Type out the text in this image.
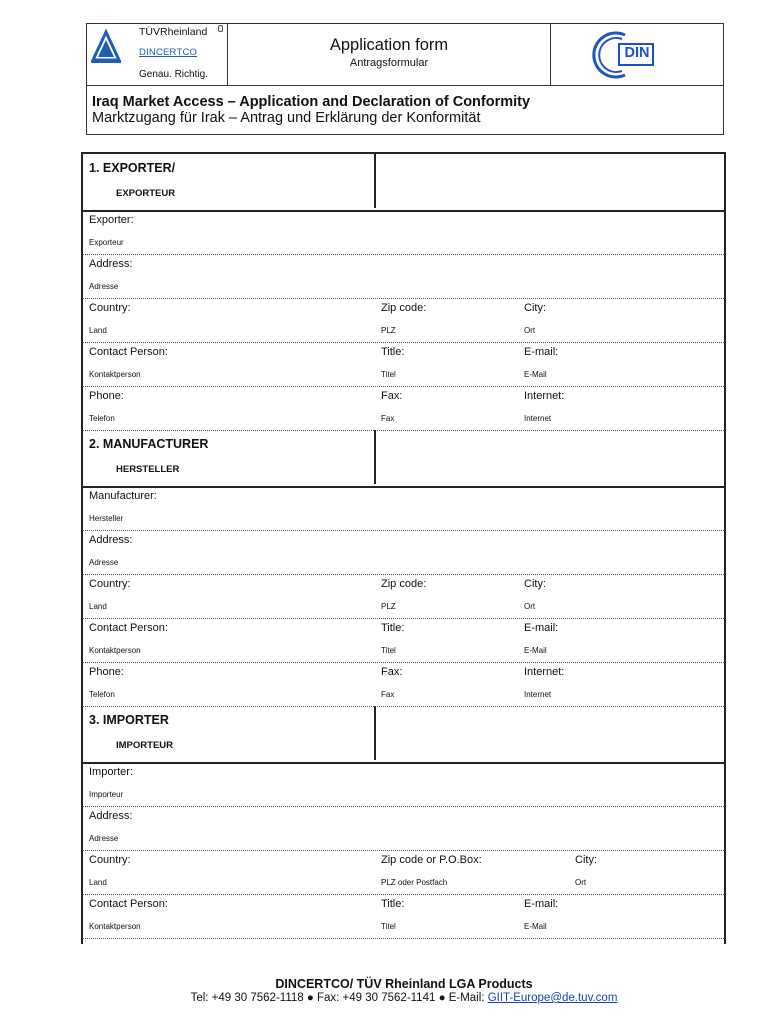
TÜVRheinland
DINCERTCO
Genau. Richtig.
Application form
Antragsformular
DIN
Iraq Market Access – Application and Declaration of Conformity
Marktzugang für Irak – Antrag und Erklärung der Konformität
1. EXPORTER/
EXPORTEUR
Exporter:
Exporteur
Address:
Adresse
Country:
Land
Zip code:
PLZ
City:
Ort
Contact Person:
Kontaktperson
Title:
Titel
E-mail:
E-Mail
Phone:
Telefon
Fax:
Fax
Internet:
Internet
2. MANUFACTURER
HERSTELLER
Manufacturer:
Hersteller
Address:
Adresse
Country:
Land
Zip code:
PLZ
City:
Ort
Contact Person:
Kontaktperson
Title:
Titel
E-mail:
E-Mail
Phone:
Telefon
Fax:
Fax
Internet:
Internet
3. IMPORTER
IMPORTEUR
Importer:
Importeur
Address:
Adresse
Country:
Land
Zip code or P.O.Box:
PLZ oder Postfach
City:
Ort
Contact Person:
Kontaktperson
Title:
Titel
E-mail:
E-Mail
DINCERTCO/ TÜV Rheinland LGA Products
Tel: +49 30 7562-1118 ● Fax: +49 30 7562-1141 ● E-Mail: GIIT-Europe@de.tuv.com
